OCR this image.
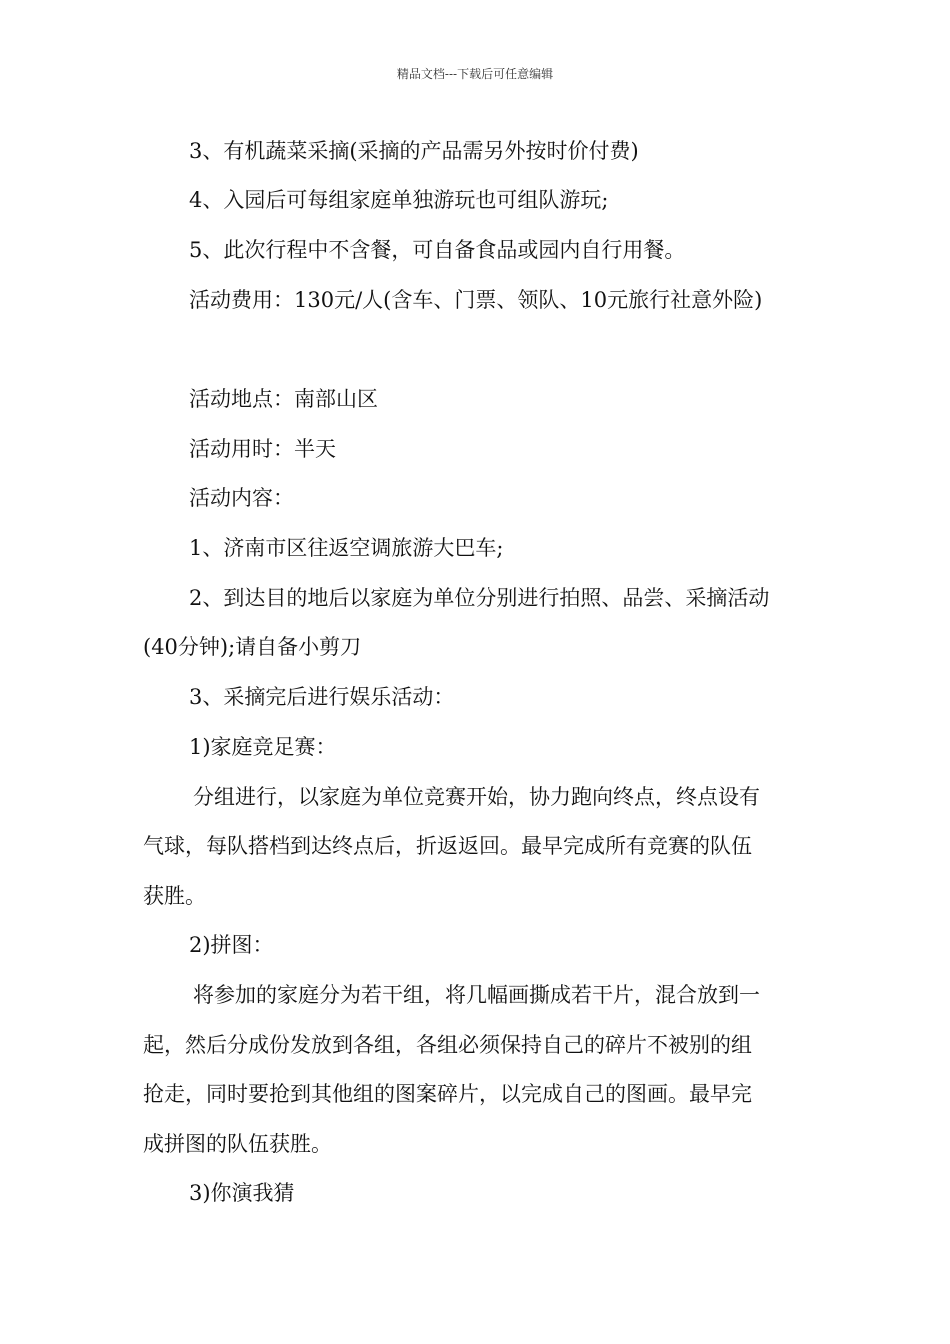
精品文档---下载后可任意编辑
3、有机蔬菜采摘(采摘的产品需另外按时价付费)
4、入园后可每组家庭单独游玩也可组队游玩;
5、此次行程中不含餐，可自备食品或园内自行用餐。
活动费用：130元/人(含车、门票、领队、10元旅行社意外险)
活动地点：南部山区
活动用时：半天
活动内容：
1、济南市区往返空调旅游大巴车;
2、到达目的地后以家庭为单位分别进行拍照、品尝、采摘活动
(40分钟);请自备小剪刀
3、采摘完后进行娱乐活动：
1)家庭竞足赛：
分组进行，以家庭为单位竞赛开始，协力跑向终点，终点设有
气球，每队搭档到达终点后，折返返回。最早完成所有竞赛的队伍
获胜。
2)拼图：
将参加的家庭分为若干组，将几幅画撕成若干片，混合放到一
起，然后分成份发放到各组，各组必须保持自己的碎片不被别的组
抢走，同时要抢到其他组的图案碎片，以完成自己的图画。最早完
成拼图的队伍获胜。
3)你演我猜
